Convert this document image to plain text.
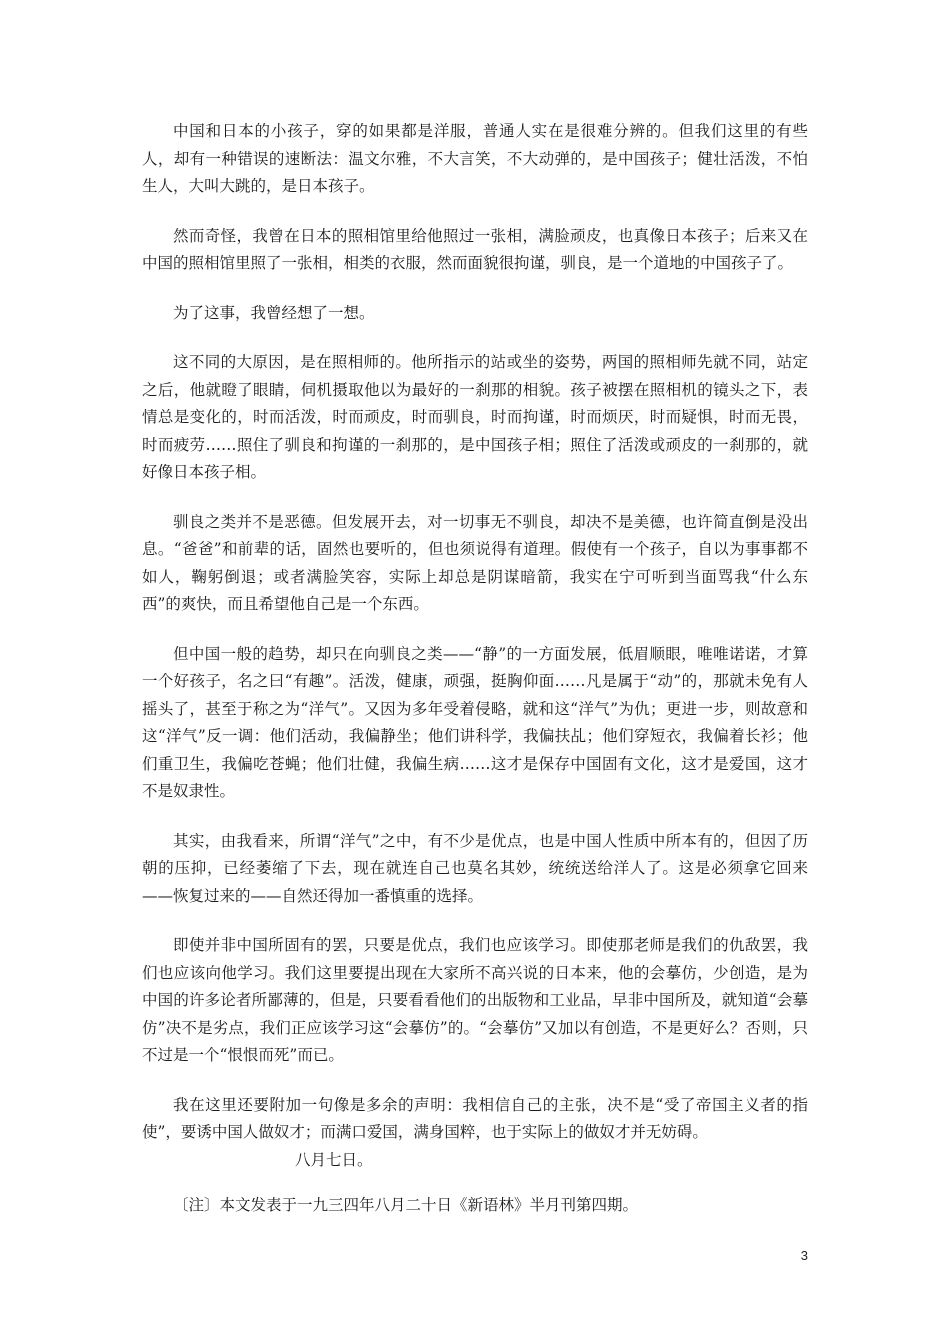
中国和日本的小孩子，穿的如果都是洋服，普通人实在是很难分辨的。但我们这里的有些人，却有一种错误的速断法：温文尔雅，不大言笑，不大动弹的，是中国孩子；健壮活泼，不怕生人，大叫大跳的，是日本孩子。

然而奇怪，我曾在日本的照相馆里给他照过一张相，满脸顽皮，也真像日本孩子；后来又在中国的照相馆里照了一张相，相类的衣服，然而面貌很拘谨，驯良，是一个道地的中国孩子了。

为了这事，我曾经想了一想。

这不同的大原因，是在照相师的。他所指示的站或坐的姿势，两国的照相师先就不同，站定之后，他就瞪了眼睛，伺机摄取他以为最好的一刹那的相貌。孩子被摆在照相机的镜头之下，表情总是变化的，时而活泼，时而顽皮，时而驯良，时而拘谨，时而烦厌，时而疑惧，时而无畏，时而疲劳……照住了驯良和拘谨的一刹那的，是中国孩子相；照住了活泼或顽皮的一刹那的，就好像日本孩子相。

驯良之类并不是恶德。但发展开去，对一切事无不驯良，却决不是美德，也许简直倒是没出息。“爸爸”和前辈的话，固然也要听的，但也须说得有道理。假使有一个孩子，自以为事事都不如人，鞠躬倒退；或者满脸笑容，实际上却总是阴谋暗箭，我实在宁可听到当面骂我“什么东西”的爽快，而且希望他自己是一个东西。

但中国一般的趋势，却只在向驯良之类——“静”的一方面发展，低眉顺眼，唯唯诺诺，才算一个好孩子，名之曰“有趣”。活泼，健康，顽强，挺胸仰面……凡是属于“动”的，那就未免有人摇头了，甚至于称之为“洋气”。又因为多年受着侵略，就和这“洋气”为仇；更进一步，则故意和这“洋气”反一调：他们活动，我偏静坐；他们讲科学，我偏扶乩；他们穿短衣，我偏着长衫；他们重卫生，我偏吃苍蝇；他们壮健，我偏生病……这才是保存中国固有文化，这才是爱国，这才不是奴隶性。

其实，由我看来，所谓“洋气”之中，有不少是优点，也是中国人性质中所本有的，但因了历朝的压抑，已经萎缩了下去，现在就连自己也莫名其妙，统统送给洋人了。这是必须拿它回来——恢复过来的——自然还得加一番慎重的选择。

即使并非中国所固有的罢，只要是优点，我们也应该学习。即使那老师是我们的仇敌罢，我们也应该向他学习。我们这里要提出现在大家所不高兴说的日本来，他的会摹仿，少创造，是为中国的许多论者所鄙薄的，但是，只要看看他们的出版物和工业品，早非中国所及，就知道“会摹仿”决不是劣点，我们正应该学习这“会摹仿”的。“会摹仿”又加以有创造，不是更好么？否则，只不过是一个“恨恨而死”而已。

我在这里还要附加一句像是多余的声明：我相信自己的主张，决不是“受了帝国主义者的指使”，要诱中国人做奴才；而满口爱国，满身国粹，也于实际上的做奴才并无妨碍。

八月七日。

〔注〕本文发表于一九三四年八月二十日《新语林》半月刊第四期。

3
